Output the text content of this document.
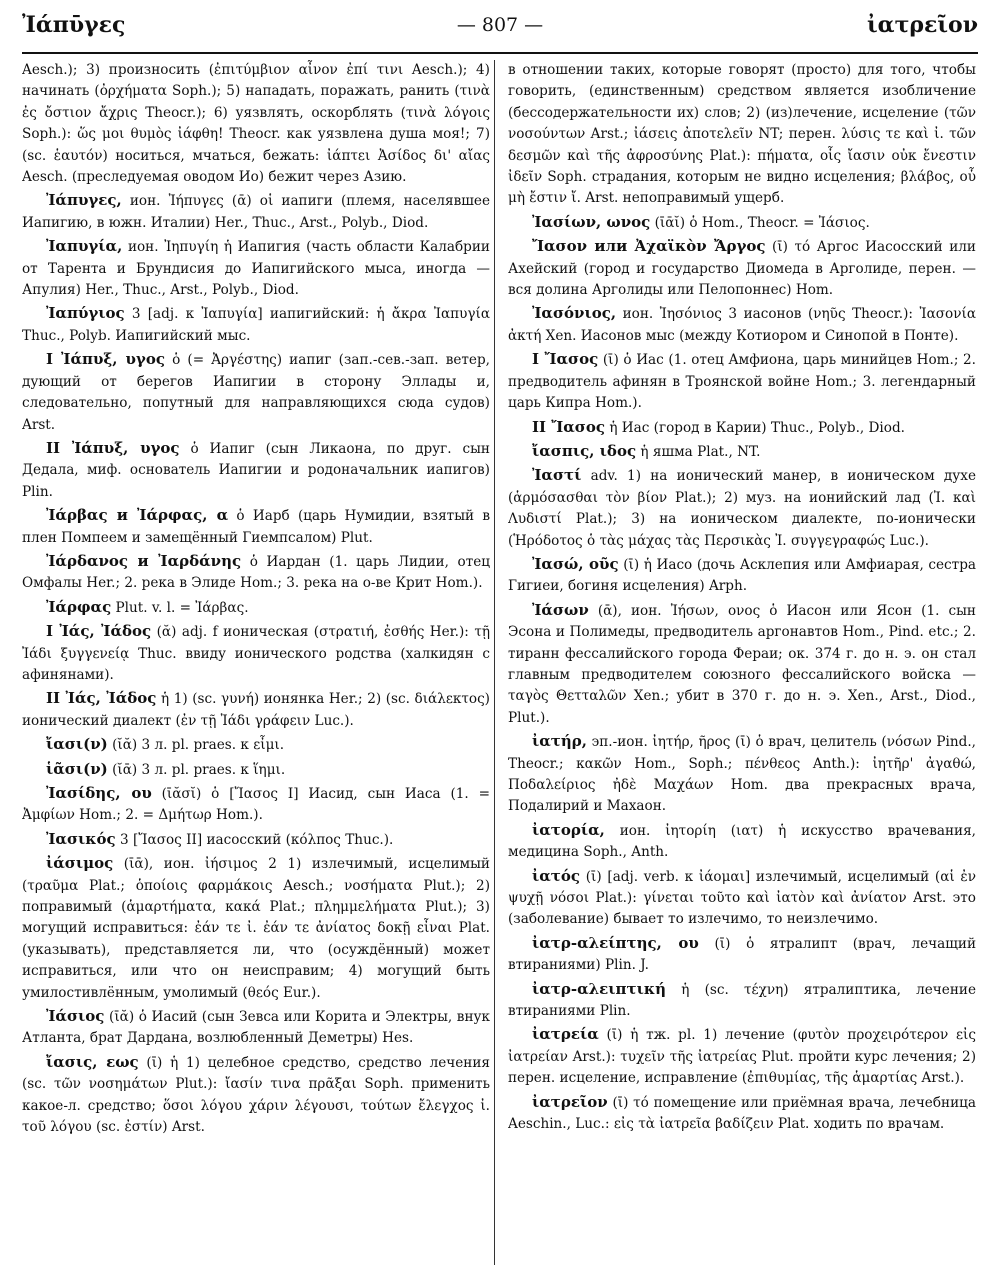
Ἰάπῡγες	— 807 —	ἰατρεῖον

Aesch.); 3) произносить (ἐπιτύμβιον αἶνον ἐπί τινι Aesch.); 4) начинать (ὀρχήματα Soph.); 5) нападать, поражать, ранить (τινὰ ἐς ὄστιον ἄχρις Theocr.); 6) уязвлять, оскорблять (τινὰ λόγοις Soph.): ὥς μοι θυμὸς ἰάφθη! Theocr. как уязвлена душа моя!; 7) (sc. ἑαυτόν) носиться, мчаться, бежать: ἰάπτει Ἀσίδος δι' αἴας Aesch. (преследуемая оводом Ио) бежит через Азию.

Ἰάπυγες, ион. Ἰήπυγες (ᾱ) οἱ иапиги (племя, населявшее Иапигию, в южн. Италии) Her., Thuc., Arst., Polyb., Diod.

Ἰαπυγία, ион. Ἰηπυγίη ἡ Иапигия (часть области Калабрии от Тарента и Брундисия до Иапигийского мыса, иногда — Апулия) Her., Thuc., Arst., Polyb., Diod.

Ἰαπύγιος 3 [adj. к Ἰαπυγία] иапигийский: ἡ ἄκρα Ἰαπυγία Thuc., Polyb. Иапигийский мыс.

I Ἰάπυξ, υγος ὁ (= Ἀργέστης) иапиг (зап.-сев.-зап. ветер, дующий от берегов Иапигии в сторону Эллады и, следовательно, попутный для направляющихся сюда судов) Arst.

II Ἰάπυξ, υγος ὁ Иапиг (сын Ликаона, по друг. сын Дедала, миф. основатель Иапигии и родоначальник иапигов) Plin.

Ἰάρβας и Ἰάρφας, α ὁ Иарб (царь Нумидии, взятый в плен Помпеем и замещённый Гиемпсалом) Plut.

Ἰάρδανος и Ἰαρδάνης ὁ Иардан (1. царь Лидии, отец Омфалы Her.; 2. река в Элиде Hom.; 3. река на о-ве Крит Hom.).

Ἰάρφας Plut. v. l. = Ἰάρβας.

I Ἰάς, Ἰάδος (ᾰ) adj. f ионическая (στρατιή, ἐσθής Her.): τῇ Ἰάδι ξυγγενείᾳ Thuc. ввиду ионического родства (халкидян с афинянами).

II Ἰάς, Ἰάδος ἡ 1) (sc. γυνή) ионянка Her.; 2) (sc. διάλεκτος) ионический диалект (ἐν τῇ Ἰάδι γράφειν Luc.).

ἴασι(ν) (ῐᾰ) 3 л. pl. praes. к εἶμι.

ἱᾶσι(ν) (ῐᾱ) 3 л. pl. praes. к ἵημι.

Ἰασίδης, ου (ῑᾰσῐ) ὁ [Ἴασος I] Иасид, сын Иаса (1. = Ἀμφίων Hom.; 2. = Δμήτωρ Hom.).

Ἰασικός 3 [Ἴασος II] иасосский (κόλπος Thuc.).

ἰάσιμος (ῑᾱ), ион. ἰήσιμος 2 1) излечимый, исцелимый (τραῦμα Plat.; ὁποίοις φαρμάκοις Aesch.; νοσήματα Plut.); 2) поправимый (ἁμαρτήματα, κακά Plat.; πλημμελήματα Plut.); 3) могущий исправиться: ἐάν τε ἰ. ἐάν τε ἀνίατος δοκῇ εἶναι Plat. (указывать), представляется ли, что (осуждённый) может исправиться, или что он неисправим; 4) могущий быть умилостивлённым, умолимый (θεός Eur.).

Ἰάσιος (ῑᾰ) ὁ Иасий (сын Зевса или Корита и Электры, внук Атланта, брат Дардана, возлюбленный Деметры) Hes.

ἴασις, εως (ῑ) ἡ 1) целебное средство, средство лечения (sc. τῶν νοσημάτων Plut.): ἴασίν τινα πρᾶξαι Soph. применить какое-л. средство; ὅσοι λόγου χάριν λέγουσι, τούτων ἔλεγχος ἰ. τοῦ λόγου (sc. ἐστίν) Arst.

в отношении таких, которые говорят (просто) для того, чтобы говорить, (единственным) средством является изобличение (бессодержательности их) слов; 2) (из)лечение, исцеление (τῶν νοσούντων Arst.; ἰάσεις ἀποτελεῖν NT; перен. λύσις τε καὶ ἰ. τῶν δεσμῶν καὶ τῆς ἀφροσύνης Plat.): πήματα, οἷς ἴασιν οὐκ ἔνεστιν ἰδεῖν Soph. страдания, которым не видно исцеления; βλάβος, οὗ μὴ ἔστιν ἴ. Arst. непоправимый ущерб.

Ἰασίων, ωνος (ῑᾱῐ) ὁ Hom., Theocr. = Ἰάσιος.

Ἴασον или Ἀχαϊκὸν Ἄργος (ῑ) τό Аргос Иасосский или Ахейский (город и государство Диомеда в Арголиде, перен. — вся долина Арголиды или Пелопоннес) Hom.

Ἰασόνιος, ион. Ἰησόνιος 3 иасонов (νηῦς Theocr.): Ἰασονία ἀκτή Xen. Иасонов мыс (между Котиором и Синопой в Понте).

I Ἴασος (ῑ) ὁ Иас (1. отец Амфиона, царь минийцев Hom.; 2. предводитель афинян в Троянской войне Hom.; 3. легендарный царь Кипра Hom.).

II Ἴασος ἡ Иас (город в Карии) Thuc., Polyb., Diod.

ἴασπις, ιδος ἡ яшма Plat., NT.

Ἰαστί adv. 1) на ионический манер, в ионическом духе (ἁρμόσασθαι τὸν βίον Plat.); 2) муз. на ионийский лад (Ἰ. καὶ Λυδιστί Plat.); 3) на ионическом диалекте, по-ионически (Ἡρόδοτος ὁ τὰς μάχας τὰς Περσικὰς Ἰ. συγγεγραφώς Luc.).

Ἰασώ, οῦς (ῑ) ἡ Иасо (дочь Асклепия или Амфиарая, сестра Гигиеи, богиня исцеления) Arph.

Ἰάσων (ᾱ), ион. Ἰήσων, ονος ὁ Иасон или Ясон (1. сын Эсона и Полимеды, предводитель аргонавтов Hom., Pind. etc.; 2. тиранн фессалийского города Фераи; ок. 374 г. до н. э. он стал главным предводителем союзного фессалийского войска — ταγὸς Θετταλῶν Xen.; убит в 370 г. до н. э. Xen., Arst., Diod., Plut.).

ἰατήρ, эп.-ион. ἰητήρ, ῆρος (ῑ) ὁ врач, целитель (νόσων Pind., Theocr.; κακῶν Hom., Soph.; πένθεος Anth.): ἰητῆρ' ἀγαθώ, Ποδαλείριος ἠδὲ Μαχάων Hom. два прекрасных врача, Подалирий и Махаон.

ἰατορία, ион. ἰητορίη (ιατ) ἡ искусство врачевания, медицина Soph., Anth.

ἰατός (ῑ) [adj. verb. к ἰάομαι] излечимый, исцелимый (αἱ ἐν ψυχῇ νόσοι Plat.): γίνεται τοῦτο καὶ ἰατὸν καὶ ἀνίατον Arst. это (заболевание) бывает то излечимо, то неизлечимо.

ἰατρ-αλείπτης, ου (ῑ) ὁ ятралипт (врач, лечащий втираниями) Plin. J.

ἰατρ-αλειπτική ἡ (sc. τέχνη) ятралиптика, лечение втираниями Plin.

ἰατρεία (ῑ) ἡ тж. pl. 1) лечение (φυτὸν προχειρότερον εἰς ἰατρείαν Arst.): τυχεῖν τῆς ἰατρείας Plut. пройти курс лечения; 2) перен. исцеление, исправление (ἐπιθυμίας, τῆς ἁμαρτίας Arst.).

ἰατρεῖον (ῑ) τό помещение или приёмная врача, лечебница Aeschin., Luc.: εἰς τὰ ἰατρεῖα βαδίζειν Plat. ходить по врачам.
